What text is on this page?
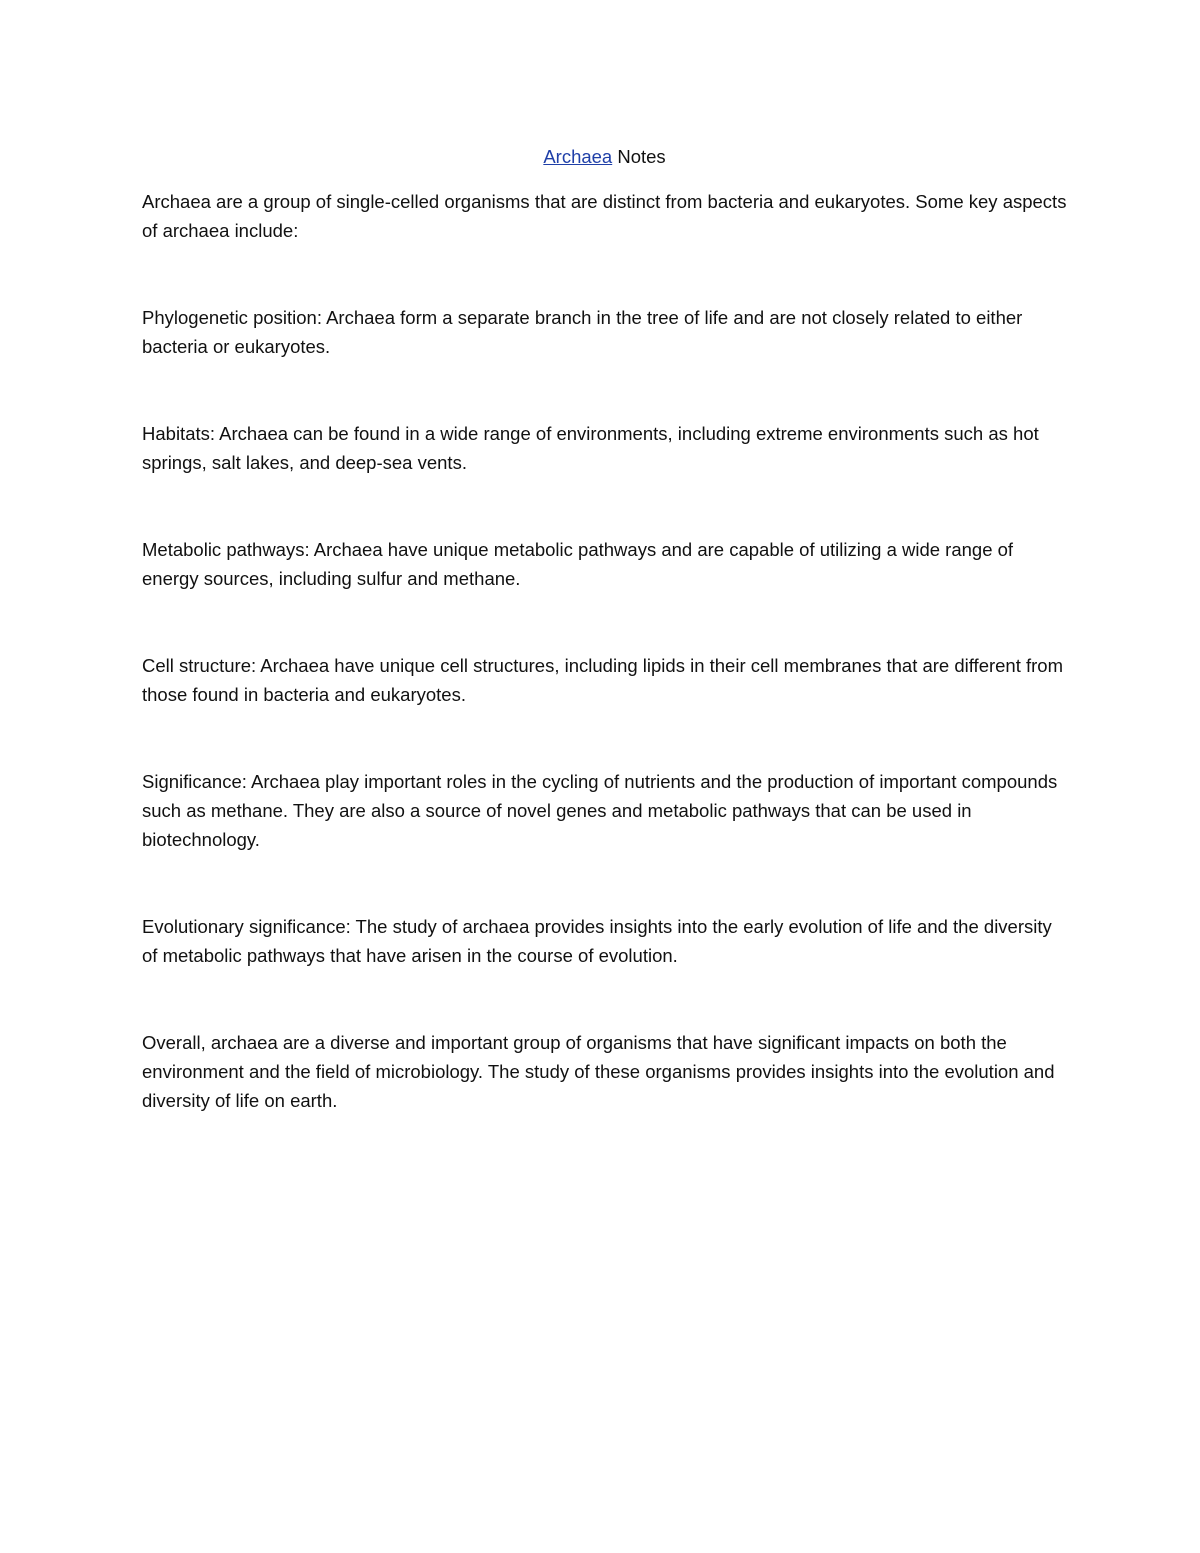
Archaea Notes

Archaea are a group of single-celled organisms that are distinct from bacteria and eukaryotes. Some key aspects of archaea include:

Phylogenetic position: Archaea form a separate branch in the tree of life and are not closely related to either bacteria or eukaryotes.

Habitats: Archaea can be found in a wide range of environments, including extreme environments such as hot springs, salt lakes, and deep-sea vents.

Metabolic pathways: Archaea have unique metabolic pathways and are capable of utilizing a wide range of energy sources, including sulfur and methane.

Cell structure: Archaea have unique cell structures, including lipids in their cell membranes that are different from those found in bacteria and eukaryotes.

Significance: Archaea play important roles in the cycling of nutrients and the production of important compounds such as methane. They are also a source of novel genes and metabolic pathways that can be used in biotechnology.

Evolutionary significance: The study of archaea provides insights into the early evolution of life and the diversity of metabolic pathways that have arisen in the course of evolution.

Overall, archaea are a diverse and important group of organisms that have significant impacts on both the environment and the field of microbiology. The study of these organisms provides insights into the evolution and diversity of life on earth.
